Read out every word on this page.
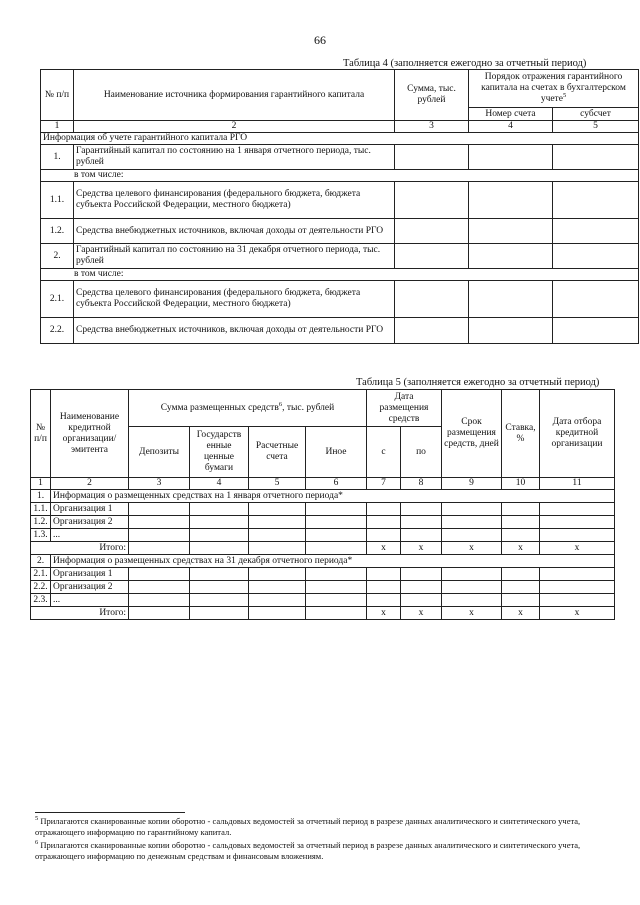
66
Таблица 4 (заполняется ежегодно за отчетный период)
№ п/п	Наименование источника формирования гарантийного капитала	Сумма, тыс. рублей	Порядок отражения гарантийного капитала на счетах в бухгалтерском учете$^5$
			Номер счета	субсчет
1	2	3	4	5
Информация об учете гарантийного капитала РГО				
1.	Гарантийный капитал по состоянию на 1 января отчетного периода, тыс. рублей			
в том числе:				
1.1.	Средства целевого финансирования (федерального бюджета, бюджета субъекта Российской Федерации, местного бюджета)			
1.2.	Средства внебюджетных источников, включая доходы от деятельности РГО			
2.	Гарантийный капитал по состоянию на 31 декабря отчетного периода, тыс. рублей			
в том числе:				
2.1.	Средства целевого финансирования (федерального бюджета, бюджета субъекта Российской Федерации, местного бюджета)			
2.2.	Средства внебюджетных источников, включая доходы от деятельности РГО			
Таблица 5 (заполняется ежегодно за отчетный период)
№ п/п	Наименование кредитной организации/ эмитента	Сумма размещенных средств$^6$, тыс. рублей				Дата размещения средств		Срок размещения средств, дней	Ставка, %	Дата отбора кредитной организации
		Депозиты	Государств енные ценные бумаги	Расчетные счета	Иное	с	по			
1	2	3	4	5	6	7	8	9	10	11
1.	Информация о размещенных средствах на 1 января отчетного периода*									
1.1.	Организация 1									
1.2.	Организация 2									
1.3.	...									
Итого:						x	x	x	x	x
2.	Информация о размещенных средствах на 31 декабря отчетного периода*									
2.1.	Организация 1									
2.2.	Организация 2									
2.3.	...									
Итого:						x	x	x	x	x
$^5$ Прилагаются сканированные копии оборотно - сальдовых ведомостей за отчетный период в разрезе данных аналитического и синтетического учета, отражающего информацию по гарантийному капитал.
$^6$ Прилагаются сканированные копии оборотно - сальдовых ведомостей за отчетный период в разрезе данных аналитического и синтетического учета, отражающего информацию по денежным средствам и финансовым вложениям.
